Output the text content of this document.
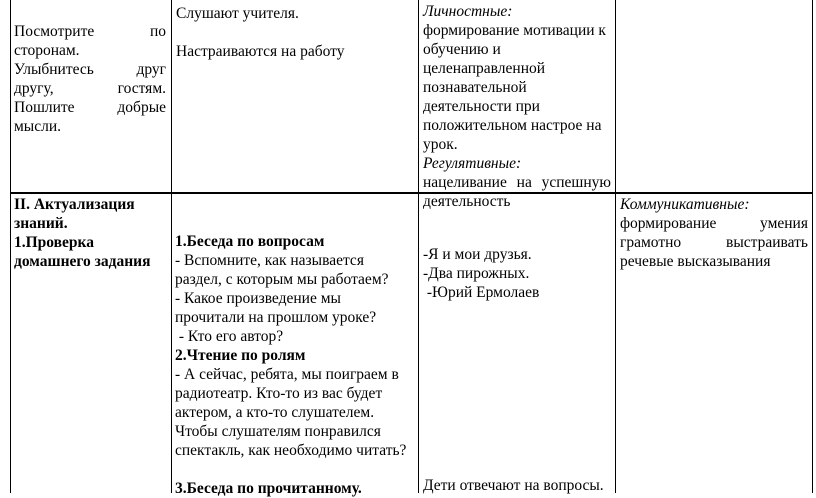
Посмотрите по
сторонам.
Улыбнитесь друг
другу, гостям.
Пошлите добрые
мысли.
Слушают учителя.
Настраиваются на работу
Личностные:
формирование мотивации к
обучению и
целенаправленной
познавательной
деятельности при
положительном настрое на
урок.
Регулятивные:
нацеливание на успешную
деятельность
II. Актуализация
знаний.
1.Проверка
домашнего задания
1.Беседа по вопросам
- Вспомните, как называется
раздел, с которым мы работаем?
- Какое произведение мы
прочитали на прошлом уроке?
- Кто его автор?
2.Чтение по ролям
- А сейчас, ребята, мы поиграем в
радиотеатр. Кто-то из вас будет
актером, а кто-то слушателем.
Чтобы слушателям понравился
спектакль, как необходимо читать?
3.Беседа по прочитанному.
-Я и мои друзья.
-Два пирожных.
-Юрий Ермолаев
Дети отвечают на вопросы.
Коммуникативные:
формирование умения
грамотно выстраивать
речевые высказывания
